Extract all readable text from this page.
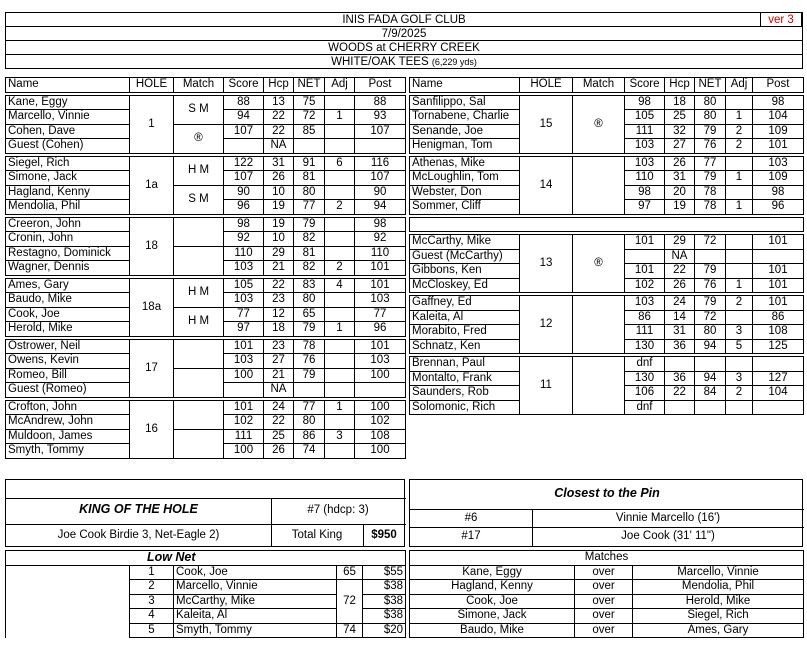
INIS FADA GOLF CLUB	ver 3
7/9/2025
WOODS at CHERRY CREEK
WHITE/OAK TEES (6,229 yds)
Name	HOLE	Match	Score	Hcp	NET	Adj	Post

Kane, Eggy	1	S M	88	13	75		88
Marcello, Vinnie			94	22	72	1	93
Cohen, Dave		®	107	22	85		107
Guest (Cohen)				NA			

Siegel, Rich	1a	H M	122	31	91	6	116
Simone, Jack			107	26	81		107
Hagland, Kenny		S M	90	10	80		90
Mendolia, Phil			96	19	77	2	94

Creeron, John	18		98	19	79		98
Cronin, John			92	10	82		92
Restagno, Dominick			110	29	81		110
Wagner, Dennis			103	21	82	2	101

Ames, Gary	18a	H M	105	22	83	4	101
Baudo, Mike			103	23	80		103
Cook, Joe		H M	77	12	65		77
Herold, Mike			97	18	79	1	96

Ostrower, Neil	17		101	23	78		101
Owens, Kevin			103	27	76		103
Romeo, Bill			100	21	79		100
Guest (Romeo)				NA			

Crofton, John	16		101	24	77	1	100
McAndrew, John			102	22	80		102
Muldoon, James			111	25	86	3	108
Smyth, Tommy			100	26	74		100
Name	HOLE	Match	Score	Hcp	NET	Adj	Post

Sanfilippo, Sal	15	®	98	18	80		98
Tornabene, Charlie			105	25	80	1	104
Senande, Joe			111	32	79	2	109
Henigman, Tom			103	27	76	2	101

Athenas, Mike	14		103	26	77		103
McLoughlin, Tom			110	31	79	1	109
Webster, Don			98	20	78		98
Sommer, Cliff			97	19	78	1	96

McCarthy, Mike	13	®	101	29	72		101
Guest (McCarthy)				NA			
Gibbons, Ken			101	22	79		101
McCloskey, Ed			102	26	76	1	101

Gaffney, Ed	12		103	24	79	2	101
Kaleita, Al			86	14	72		86
Morabito, Fred			111	31	80	3	108
Schnatz, Ken			130	36	94	5	125

Brennan, Paul	11		dnf				
Montalto, Frank			130	36	94	3	127
Saunders, Rob			106	22	84	2	104
Solomonic, Rich			dnf				
KING OF THE HOLE	#7 (hdcp: 3)
Joe Cook Birdie 3, Net-Eagle 2)	Total King	$950
Closest to the Pin
#6	Vinnie Marcello (16')
#17	Joe Cook (31' 11")
Low Net				
	1	Cook, Joe	65	$55
	2	Marcello, Vinnie	72	$38
	3	McCarthy, Mike		$38
	4	Kaleita, Al		$38
	5	Smyth, Tommy	74	$20
Matches		
Kane, Eggy	over	Marcello, Vinnie
Hagland, Kenny	over	Mendolia, Phil
Cook, Joe	over	Herold, Mike
Simone, Jack	over	Siegel, Rich
Baudo, Mike	over	Ames, Gary
